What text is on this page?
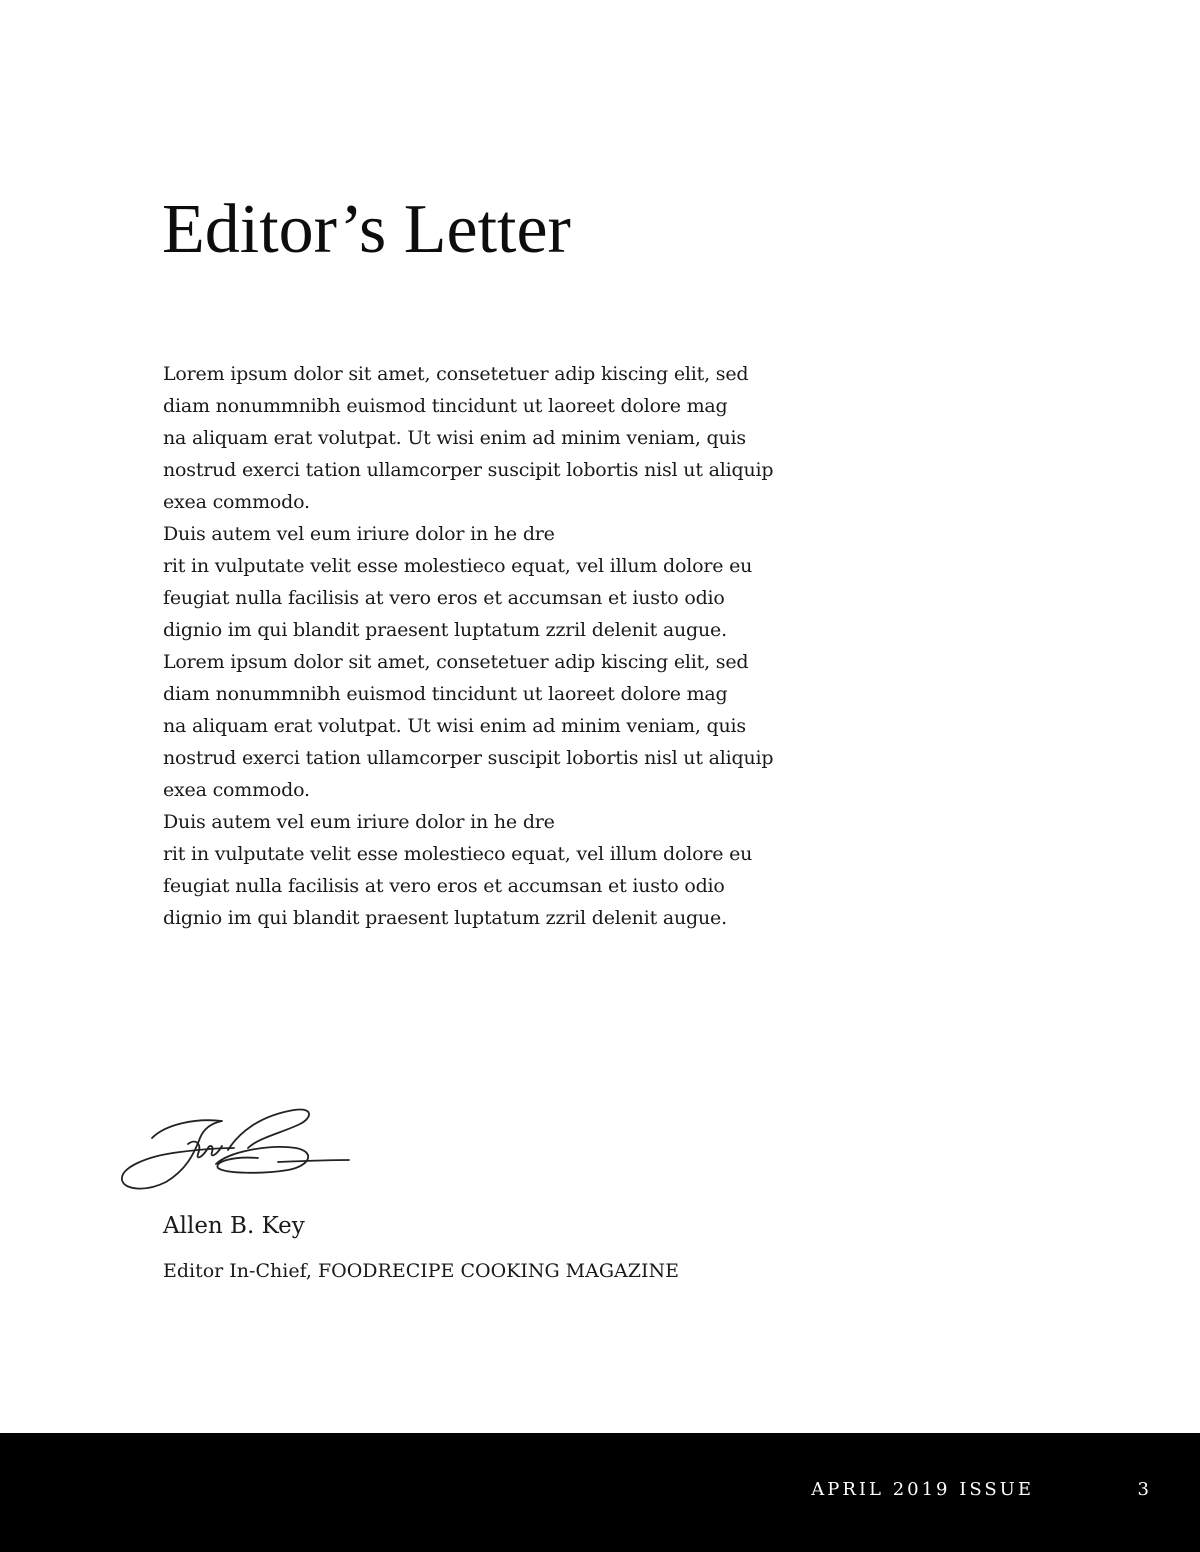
Editor’s Letter
Lorem ipsum dolor sit amet, consetetuer adip kiscing elit, sed
diam nonummnibh euismod tincidunt ut laoreet dolore mag
na aliquam erat volutpat. Ut wisi enim ad minim veniam, quis
nostrud exerci tation ullamcorper suscipit lobortis nisl ut aliquip
exea commodo.
Duis autem vel eum iriure dolor in he dre
rit in vulputate velit esse molestieco equat, vel illum dolore eu
feugiat nulla facilisis at vero eros et accumsan et iusto odio
dignio im qui blandit praesent luptatum zzril delenit augue.
Lorem ipsum dolor sit amet, consetetuer adip kiscing elit, sed
diam nonummnibh euismod tincidunt ut laoreet dolore mag
na aliquam erat volutpat. Ut wisi enim ad minim veniam, quis
nostrud exerci tation ullamcorper suscipit lobortis nisl ut aliquip
exea commodo.
Duis autem vel eum iriure dolor in he dre
rit in vulputate velit esse molestieco equat, vel illum dolore eu
feugiat nulla facilisis at vero eros et accumsan et iusto odio
dignio im qui blandit praesent luptatum zzril delenit augue.
Allen B. Key
Editor In-Chief, FOODRECIPE COOKING MAGAZINE
APRIL 2019 ISSUE	3
